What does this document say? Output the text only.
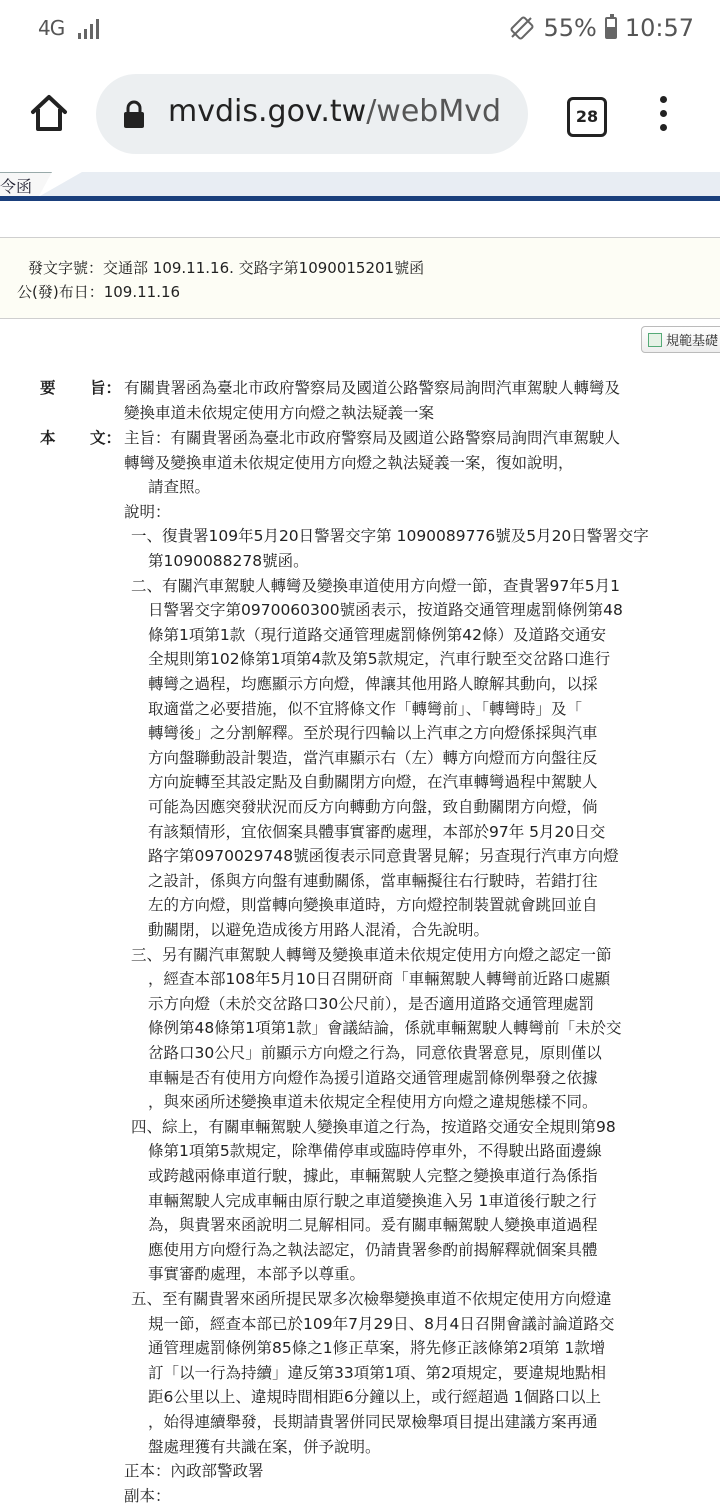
4G	55% 10:57
mvdis.gov.tw/webMvd	28
令函
發文字號：交通部 109.11.16. 交路字第1090015201號函
公(發)布日：109.11.16
規範基礎
要 旨： 有關貴署函為臺北市政府警察局及國道公路警察局詢問汽車駕駛人轉彎及
變換車道未依規定使用方向燈之執法疑義一案
本 文： 主旨：有關貴署函為臺北市政府警察局及國道公路警察局詢問汽車駕駛人
轉彎及變換車道未依規定使用方向燈之執法疑義一案，復如說明，
請查照。
說明：
一、復貴署109年5月20日警署交字第 1090089776號及5月20日警署交字
第1090088278號函。
二、有關汽車駕駛人轉彎及變換車道使用方向燈一節，查貴署97年5月1
日警署交字第0970060300號函表示，按道路交通管理處罰條例第48
條第1項第1款（現行道路交通管理處罰條例第42條）及道路交通安
全規則第102條第1項第4款及第5款規定，汽車行駛至交岔路口進行
轉彎之過程，均應顯示方向燈，俾讓其他用路人瞭解其動向，以採
取適當之必要措施，似不宜將條文作「轉彎前」、「轉彎時」及「
轉彎後」之分割解釋。至於現行四輪以上汽車之方向燈係採與汽車
方向盤聯動設計製造，當汽車顯示右（左）轉方向燈而方向盤往反
方向旋轉至其設定點及自動關閉方向燈，在汽車轉彎過程中駕駛人
可能為因應突發狀況而反方向轉動方向盤，致自動關閉方向燈，倘
有該類情形，宜依個案具體事實審酌處理，本部於97年 5月20日交
路字第0970029748號函復表示同意貴署見解；另查現行汽車方向燈
之設計，係與方向盤有連動關係，當車輛擬往右行駛時，若錯打往
左的方向燈，則當轉向變換車道時，方向燈控制裝置就會跳回並自
動關閉，以避免造成後方用路人混淆，合先說明。
三、另有關汽車駕駛人轉彎及變換車道未依規定使用方向燈之認定一節
，經查本部108年5月10日召開研商「車輛駕駛人轉彎前近路口處顯
示方向燈（未於交岔路口30公尺前），是否適用道路交通管理處罰
條例第48條第1項第1款」會議結論，係就車輛駕駛人轉彎前「未於交
岔路口30公尺」前顯示方向燈之行為，同意依貴署意見，原則僅以
車輛是否有使用方向燈作為援引道路交通管理處罰條例舉發之依據
，與來函所述變換車道未依規定全程使用方向燈之違規態樣不同。
四、綜上，有關車輛駕駛人變換車道之行為，按道路交通安全規則第98
條第1項第5款規定，除準備停車或臨時停車外，不得駛出路面邊線
或跨越兩條車道行駛，據此，車輛駕駛人完整之變換車道行為係指
車輛駕駛人完成車輛由原行駛之車道變換進入另 1車道後行駛之行
為，與貴署來函說明二見解相同。爰有關車輛駕駛人變換車道過程
應使用方向燈行為之執法認定，仍請貴署參酌前揭解釋就個案具體
事實審酌處理，本部予以尊重。
五、至有關貴署來函所提民眾多次檢舉變換車道不依規定使用方向燈違
規一節，經查本部已於109年7月29日、8月4日召開會議討論道路交
通管理處罰條例第85條之1修正草案，將先修正該條第2項第 1款增
訂「以一行為持續」違反第33項第1項、第2項規定，要違規地點相
距6公里以上、違規時間相距6分鐘以上，或行經超過 1個路口以上
，始得連續舉發，長期請貴署併同民眾檢舉項目提出建議方案再通
盤處理獲有共識在案，併予說明。
正本：內政部警政署
副本：
